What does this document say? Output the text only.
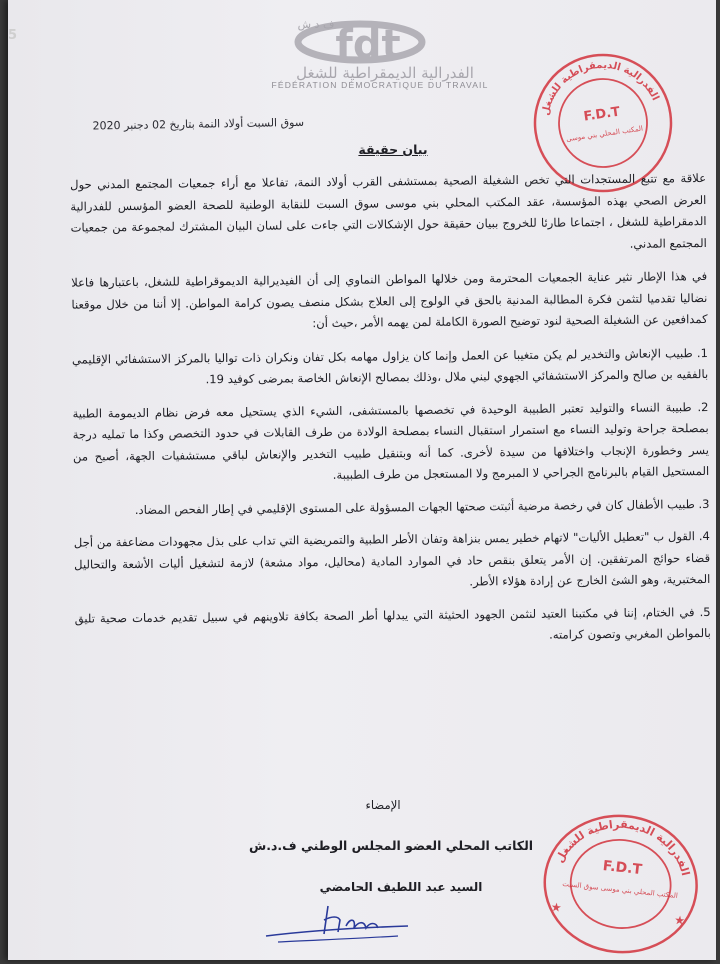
5	fdt
ف د ش
الفدرالية الديمقراطية للشغل
FÉDÉRATION DÉMOCRATIQUE DU TRAVAIL
الفدرالية الديمقراطية للشغل
F.D.T
المكتب المحلي بني موسى
سوق السبت أولاد النمة بتاريخ 02 دجنبر 2020
بيان حقيقة

علاقة مع تتبع المستجدات التي تخص الشغيلة الصحية بمستشفى القرب أولاد النمة، تفاعلا مع أراء جمعيات المجتمع المدني حول العرض الصحي بهذه المؤسسة، عقد المكتب المحلي بني موسى سوق السبت للنقابة الوطنية للصحة العضو المؤسس للفدرالية الدمقراطية للشغل ، اجتماعا طارئا للخروج ببيان حقيقة حول الإشكالات التي جاءت على لسان البيان المشترك لمجموعة من جمعيات المجتمع المدني.

في هذا الإطار نثير عناية الجمعيات المحترمة ومن خلالها المواطن النماوي إلى أن الفيديرالية الديموقراطية للشغل، باعتبارها فاعلا نضاليا تقدميا لتثمن فكرة المطالبة المدنية بالحق في الولوج إلى العلاج بشكل منصف يصون كرامة المواطن. إلا أننا من خلال موقعنا كمدافعين عن الشغيلة الصحية لنود توضيح الصورة الكاملة لمن يهمه الأمر ،حيث أن:

1. طبيب الإنعاش والتخدير لم يكن متغيبا عن العمل وإنما كان يزاول مهامه بكل تفان ونكران ذات تواليا بالمركز الاستشفائي الإقليمي بالفقيه بن صالح والمركز الاستشفائي الجهوي لبني ملال ،وذلك بمصالح الإنعاش الخاصة بمرضى كوفيد 19.

2. طبيبة النساء والتوليد تعتبر الطبيبة الوحيدة في تخصصها بالمستشفى، الشيء الذي يستحيل معه فرض نظام الديمومة الطبية بمصلحة جراحة وتوليد النساء مع استمرار استقبال النساء بمصلحة الولادة من طرف القابلات في حدود التخصص وكذا ما تمليه درجة يسر وخطورة الإنجاب واختلافها من سيدة لأخرى. كما أنه وبتنقيل طبيب التخدير والإنعاش لباقي مستشفيات الجهة، أصبح من المستحيل القيام بالبرنامج الجراحي لا المبرمج ولا المستعجل من طرف الطبيبة.

3. طبيب الأطفال كان في رخصة مرضية أثبتت صحتها الجهات المسؤولة على المستوى الإقليمي في إطار الفحص المضاد.

4. القول ب "تعطيل الأليات" لاتهام خطير يمس بنزاهة وتفان الأطر الطبية والتمريضية التي تداب على بذل مجهودات مضاعفة من أجل قضاء حوائج المرتفقين. إن الأمر يتعلق بنقص حاد في الموارد المادية (محاليل، مواد مشعة) لازمة لتشغيل أليات الأشعة والتحاليل المختبرية، وهو الشئ الخارج عن إرادة هؤلاء الأطر.

5. في الختام، إننا في مكتبنا العتيد لنثمن الجهود الحثيثة التي يبدلها أطر الصحة بكافة تلاوينهم في سبيل تقديم خدمات صحية تليق بالمواطن المغربي وتصون كرامته.

الإمضاء
الكاتب المحلي العضو المجلس الوطني ف.د.ش
السيد عبد اللطيف الحامضي
الفدرالية الديمقراطية للشغل
F.D.T
المكتب المحلي بني موسى سوق السبت
★
★
